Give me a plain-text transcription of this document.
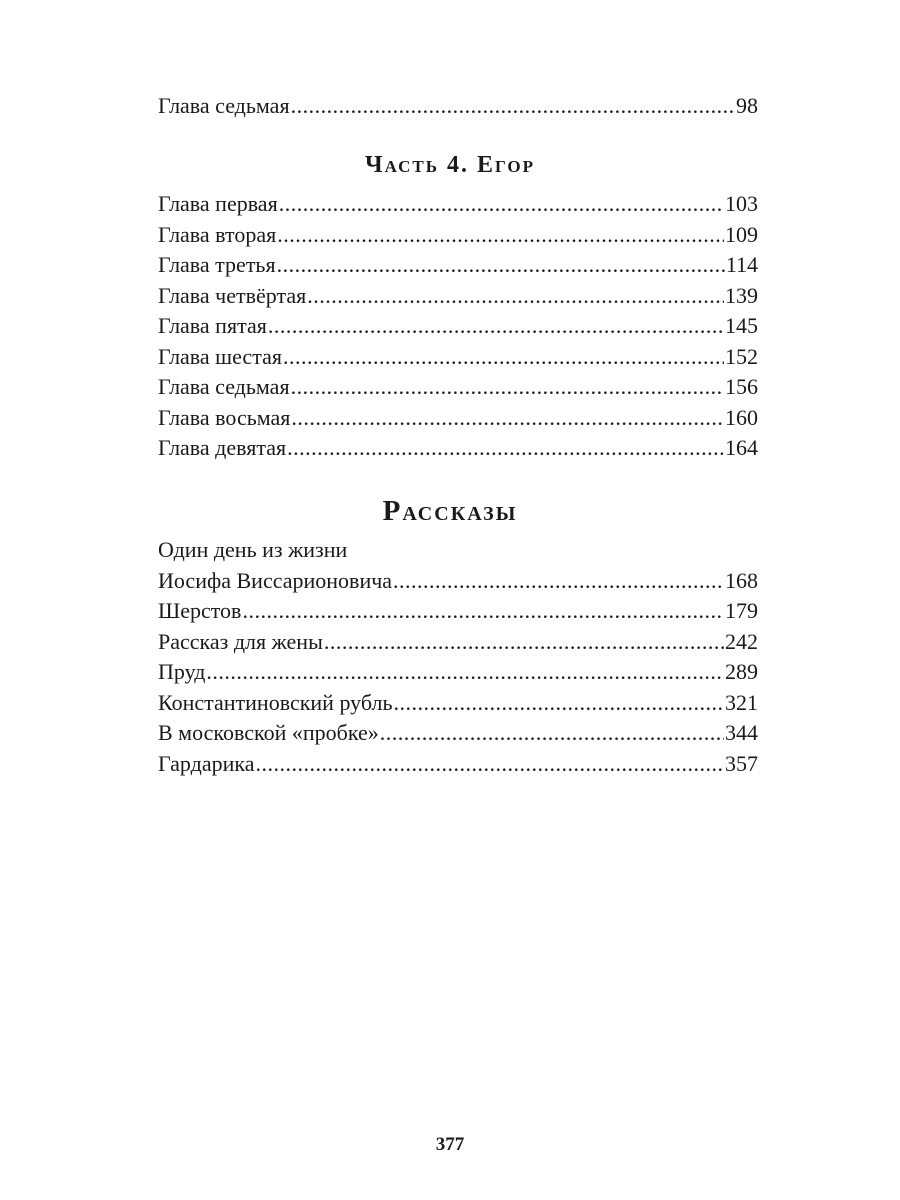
Глава седьмая .....	98
Часть 4. Егор
Глава первая .....	103
Глава вторая .....	109
Глава третья .....	114
Глава четвёртая .....	139
Глава пятая .....	145
Глава шестая .....	152
Глава седьмая .....	156
Глава восьмая .....	160
Глава девятая .....	164
Рассказы
Один день из жизни
Иосифа Виссарионовича .....	168
Шерстов .....	179
Рассказ для жены .....	242
Пруд .....	289
Константиновский рубль .....	321
В московской «пробке» .....	344
Гардарика .....	357
377
